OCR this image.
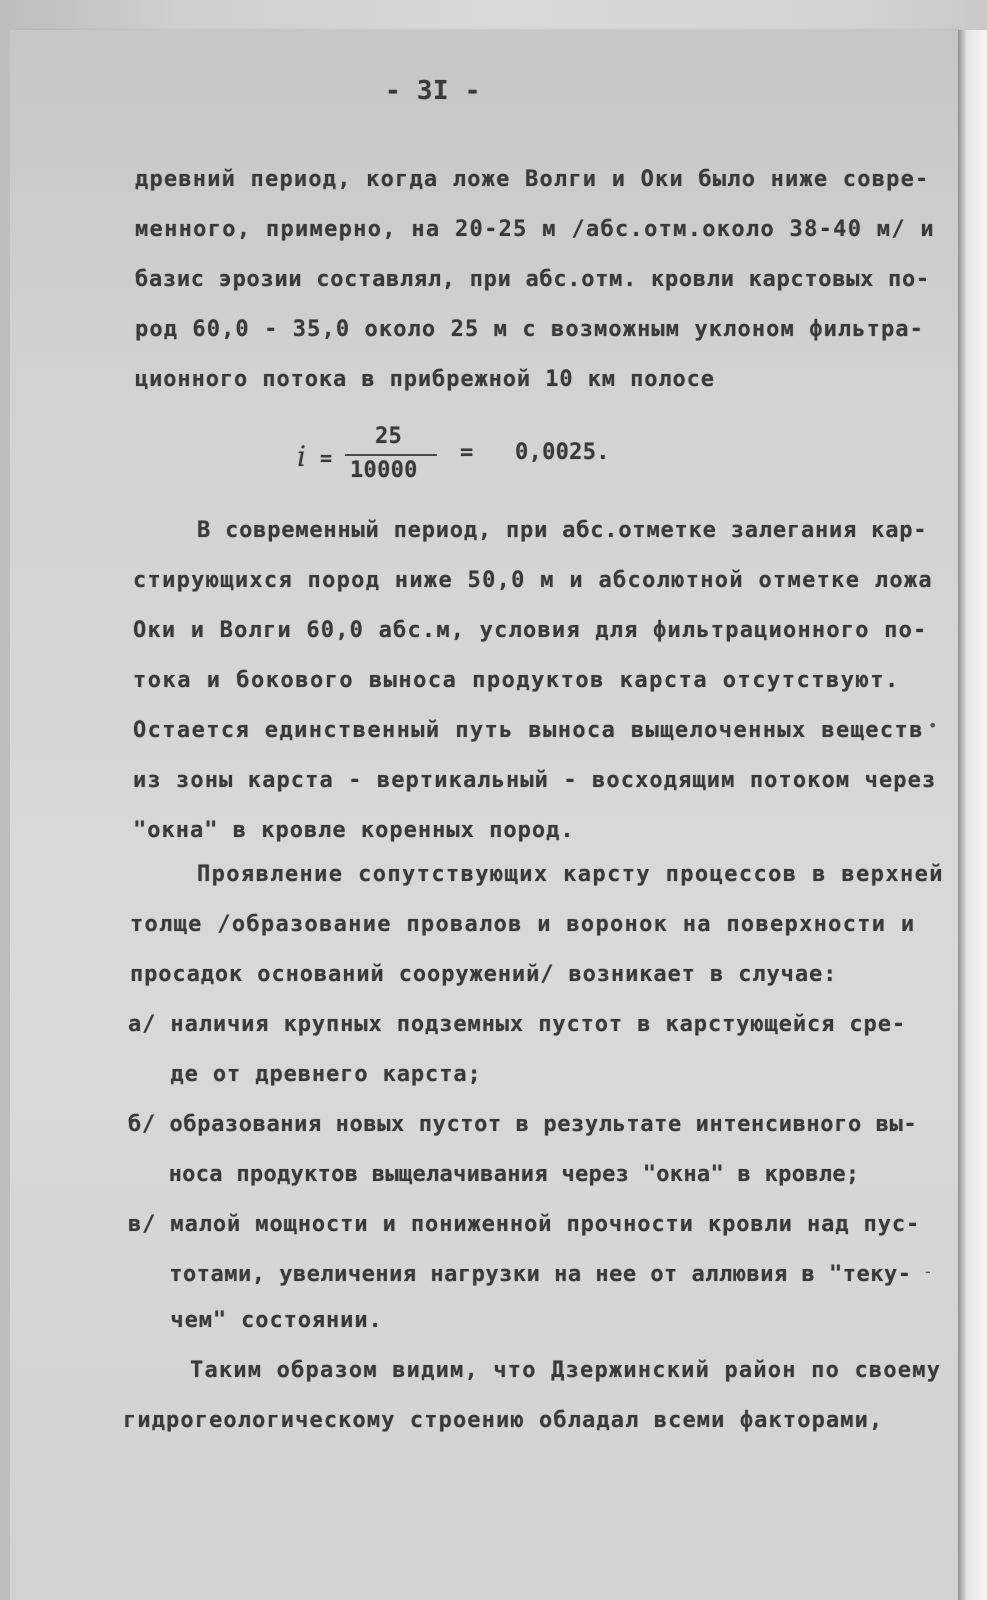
- 3I -
древний период, когда ложе Волги и Оки было ниже совре-
менного, примерно, на 20-25 м /абс.отм.около 38-40 м/ и
базис эрозии составлял, при абс.отм. кровли карстовых по-
род 60,0 - 35,0 около 25 м с возможным уклоном фильтра-
ционного потока в прибрежной 10 км полосе
i =
25
10000
= 0,0025.
В современный период, при абс.отметке залегания кар-
стирующихся пород ниже 50,0 м и абсолютной отметке ложа
Оки и Волги 60,0 абс.м, условия для фильтрационного по-
тока и бокового выноса продуктов карста отсутствуют.
Остается единственный путь выноса выщелоченных веществ
из зоны карста - вертикальный - восходящим потоком через
"окна" в кровле коренных пород.
Проявление сопутствующих карсту процессов в верхней
толще /образование провалов и воронок на поверхности и
просадок оснований сооружений/ возникает в случае:
а/ наличия крупных подземных пустот в карстующейся сре-
де от древнего карста;
б/ образования новых пустот в результате интенсивного вы-
носа продуктов выщелачивания через "окна" в кровле;
в/ малой мощности и пониженной прочности кровли над пус-
тотами, увеличения нагрузки на нее от аллювия в "теку-
чем" состоянии.
Таким образом видим, что Дзержинский район по своему
гидрогеологическому строению обладал всеми факторами,
•
-
